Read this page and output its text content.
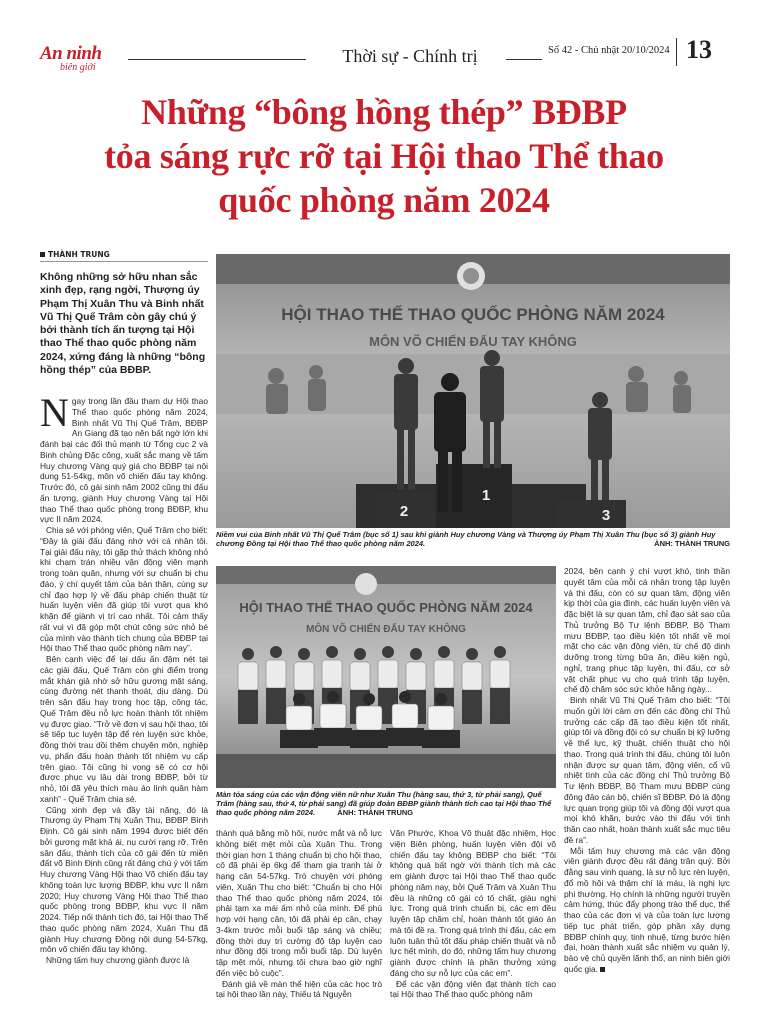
An ninh
biên giới
Thời sự - Chính trị	Số 42 - Chủ nhật 20/10/2024 13
Những “bông hồng thép” BĐBP
tỏa sáng rực rỡ tại Hội thao Thể thao
quốc phòng năm 2024
THÀNH TRUNG
Không những sở hữu nhan sắc xinh đẹp, rạng ngời, Thượng úy Phạm Thị Xuân Thu và Binh nhất Vũ Thị Quế Trâm còn gây chú ý bởi thành tích ấn tượng tại Hội thao Thể thao quốc phòng năm 2024, xứng đáng là những “bông hồng thép” của BĐBP.

Ngay trong lần đầu tham dự Hội thao Thể thao quốc phòng năm 2024, Binh nhất Vũ Thị Quế Trâm, BĐBP An Giang đã tạo nên bất ngờ lớn khi đánh bại các đối thủ mạnh từ Tổng cục 2 và Binh chủng Đặc công, xuất sắc mang về tấm Huy chương Vàng quý giá cho BĐBP tại nội dung 51-54kg, môn võ chiến đấu tay không. Trước đó, cô gái sinh năm 2002 cũng thi đấu ấn tượng, giành Huy chương Vàng tại Hội thao Thể thao quốc phòng trong BĐBP, khu vực II năm 2024.

Chia sẻ với phóng viên, Quế Trâm cho biết: “Đây là giải đấu đáng nhớ với cá nhân tôi. Tại giải đấu này, tôi gặp thử thách không nhỏ khi chạm trán nhiều vận động viên mạnh trong toàn quân, nhưng với sự chuẩn bị chu đáo, ý chí quyết tâm của bản thân, cùng sự chỉ đạo hợp lý về đấu pháp chiến thuật từ huấn luyện viên đã giúp tôi vượt qua khó khăn để giành vị trí cao nhất. Tôi cảm thấy rất vui vì đã góp một chút công sức nhỏ bé của mình vào thành tích chung của BĐBP tại Hội thao Thể thao quốc phòng năm nay”.

Bên cạnh việc để lại dấu ấn đậm nét tại các giải đấu, Quế Trâm còn ghi điểm trong mắt khán giả nhờ sở hữu gương mặt sáng, cùng đường nét thanh thoát, dịu dàng. Dù trên sân đấu hay trong học tập, công tác, Quế Trâm đều nỗ lực hoàn thành tốt nhiệm vụ được giao. “Trở về đơn vị sau hội thao, tôi sẽ tiếp tục luyện tập để rèn luyện sức khỏe, đồng thời trau dồi thêm chuyên môn, nghiệp vụ, phấn đấu hoàn thành tốt nhiệm vụ cấp trên giao. Tôi cũng hi vọng sẽ có cơ hội được phục vụ lâu dài trong BĐBP, bởi từ nhỏ, tôi đã yêu thích màu áo lính quân hàm xanh” - Quế Trâm chia sẻ.

Cũng xinh đẹp và đầy tài năng, đó là Thượng úy Phạm Thị Xuân Thu, BĐBP Bình Định. Cô gái sinh năm 1994 được biết đến bởi gương mặt khả ái, nụ cười rạng rỡ. Trên sân đấu, thành tích của cô gái đến từ miền đất võ Bình Định cũng rất đáng chú ý với tấm Huy chương Vàng Hội thao Võ chiến đấu tay không toàn lực lượng BĐBP, khu vực II năm 2020; Huy chương Vàng Hội thao Thể thao quốc phòng trong BĐBP, khu vực II năm 2024. Tiếp nối thành tích đó, tại Hội thao Thể thao quốc phòng năm 2024, Xuân Thu đã giành Huy chương Đồng nội dung 54-57kg, môn võ chiến đấu tay không.

Những tấm huy chương giành được là

HỘI THAO THỂ THAO QUỐC PHÒNG NĂM 2024
MÔN VÕ CHIẾN ĐẤU TAY KHÔNG
2
1
3
Niềm vui của Binh nhất Vũ Thị Quế Trâm (bục số 1) sau khi giành Huy chương Vàng và Thượng úy Phạm Thị Xuân Thu (bục số 3) giành Huy chương Đồng tại Hội thao Thể thao quốc phòng năm 2024.	ẢNH: THÀNH TRUNG
HỘI THAO THỂ THAO QUỐC PHÒNG NĂM 2024
MÔN VÕ CHIẾN ĐẤU TAY KHÔNG
Màn tỏa sáng của các vận động viên nữ như Xuân Thu (hàng sau, thứ 3, từ phải sang), Quế Trâm (hàng sau, thứ 4, từ phải sang) đã giúp đoàn BĐBP giành thành tích cao tại Hội thao Thể thao quốc phòng năm 2024.	ẢNH: THÀNH TRUNG

thành quả bằng mồ hôi, nước mắt và nỗ lực không biết mệt mỏi của Xuân Thu. Trong thời gian hơn 1 tháng chuẩn bị cho hội thao, cô đã phải ép 6kg để tham gia tranh tài ở hạng cân 54-57kg. Trò chuyện với phóng viên, Xuân Thu cho biết: “Chuẩn bị cho Hội thao Thể thao quốc phòng năm 2024, tôi phải tạm xa mái ấm nhỏ của mình. Để phù hợp với hạng cân, tôi đã phải ép cân, chạy 3-4km trước mỗi buổi tập sáng và chiều; đồng thời duy trì cường độ tập luyện cao như đồng đội trong mỗi buổi tập. Dù luyện tập mệt mỏi, nhưng tôi chưa bao giờ nghĩ đến việc bỏ cuộc”.

Đánh giá về màn thể hiện của các học trò tại hội thao lần này, Thiếu tá Nguyễn

Văn Phước, Khoa Võ thuật đặc nhiệm, Học viện Biên phòng, huấn luyện viên đội võ chiến đấu tay không BĐBP cho biết: “Tôi không quá bất ngờ với thành tích mà các em giành được tại Hội thao Thể thao quốc phòng năm nay, bởi Quế Trâm và Xuân Thu đều là những cô gái có tố chất, giàu nghị lực. Trong quá trình chuẩn bị, các em đều luyện tập chăm chỉ, hoàn thành tốt giáo án mà tôi đề ra. Trong quá trình thi đấu, các em luôn tuân thủ tốt đấu pháp chiến thuật và nỗ lực hết mình, do đó, những tấm huy chương giành được chính là phần thưởng xứng đáng cho sự nỗ lực của các em”.

Để các vận động viên đạt thành tích cao tại Hội thao Thể thao quốc phòng năm

2024, bên cạnh ý chí vượt khó, tinh thần quyết tâm của mỗi cá nhân trong tập luyện và thi đấu, còn có sự quan tâm, động viên kịp thời của gia đình, các huấn luyện viên và đặc biệt là sự quan tâm, chỉ đạo sát sao của Thủ trưởng Bộ Tư lệnh BĐBP, Bộ Tham mưu BĐBP, tạo điều kiện tốt nhất về mọi mặt cho các vận động viên, từ chế độ dinh dưỡng trong từng bữa ăn, điều kiện ngủ, nghỉ, trang phục tập luyện, thi đấu, cơ sở vật chất phục vụ cho quá trình tập luyện, chế độ chăm sóc sức khỏe hằng ngày...

Binh nhất Vũ Thị Quế Trâm cho biết: “Tôi muốn gửi lời cảm ơn đến các đồng chí Thủ trưởng các cấp đã tạo điều kiện tốt nhất, giúp tôi và đồng đội có sự chuẩn bị kỹ lưỡng về thể lực, kỹ thuật, chiến thuật cho hội thao. Trong quá trình thi đấu, chúng tôi luôn nhận được sự quan tâm, động viên, cổ vũ nhiệt tình của các đồng chí Thủ trưởng Bộ Tư lệnh BĐBP, Bộ Tham mưu BĐBP cùng đông đảo cán bộ, chiến sĩ BĐBP. Đó là động lực quan trọng giúp tôi và đồng đội vượt qua mọi khó khăn, bước vào thi đấu với tinh thần cao nhất, hoàn thành xuất sắc mục tiêu đề ra”.

Mỗi tấm huy chương mà các vận động viên giành được đều rất đáng trân quý. Bởi đằng sau vinh quang, là sự nỗ lực rèn luyện, đổ mồ hôi và thậm chí là máu, là nghị lực phi thường. Họ chính là những người truyền cảm hứng, thúc đẩy phong trào thể dục, thể thao của các đơn vị và của toàn lực lượng tiếp tục phát triển, góp phần xây dựng BĐBP chính quy, tinh nhuệ, từng bước hiện đại, hoàn thành xuất sắc nhiệm vụ quản lý, bảo vệ chủ quyền lãnh thổ, an ninh biên giới quốc gia.
